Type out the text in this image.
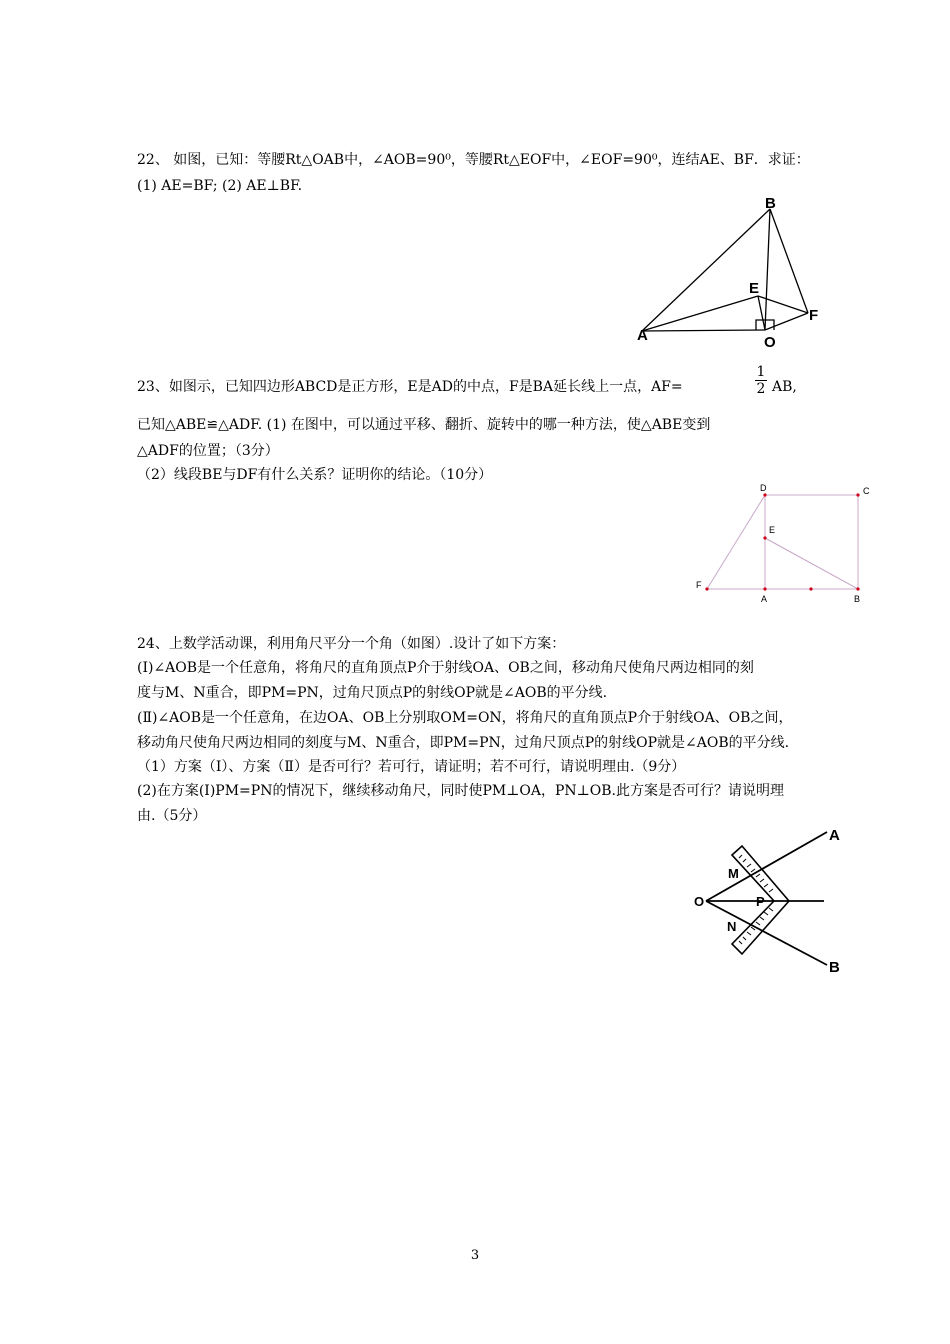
22、 如图，已知：等腰Rt△OAB中，∠AOB=90⁰，等腰Rt△EOF中，∠EOF=90⁰，连结AE、BF．求证：
(1) AE=BF; (2) AE⊥BF.
B
E
F
A	O
23、如图示，已知四边形ABCD是正方形，E是AD的中点，F是BA延长线上一点，AF=
1
2 AB,
已知△ABE≌△ADF. (1) 在图中，可以通过平移、翻折、旋转中的哪一种方法，使△ABE变到
△ADF的位置；（3分）
（2）线段BE与DF有什么关系？证明你的结论。（10分）
D	C
E
F
A	B
24、上数学活动课，利用角尺平分一个角（如图）.设计了如下方案：
(Ⅰ)∠AOB是一个任意角，将角尺的直角顶点P介于射线OA、OB之间，移动角尺使角尺两边相同的刻
度与M、N重合，即PM=PN，过角尺顶点P的射线OP就是∠AOB的平分线.
(Ⅱ)∠AOB是一个任意角，在边OA、OB上分别取OM=ON，将角尺的直角顶点P介于射线OA、OB之间，
移动角尺使角尺两边相同的刻度与M、N重合，即PM=PN，过角尺顶点P的射线OP就是∠AOB的平分线.
（1）方案（Ⅰ）、方案（Ⅱ）是否可行？若可行，请证明；若不可行，请说明理由.（9分）
(2)在方案(Ⅰ)PM=PN的情况下，继续移动角尺，同时使PM⊥OA，PN⊥OB.此方案是否可行？请说明理
由.（5分）
A
B
O
M
N
P
3
